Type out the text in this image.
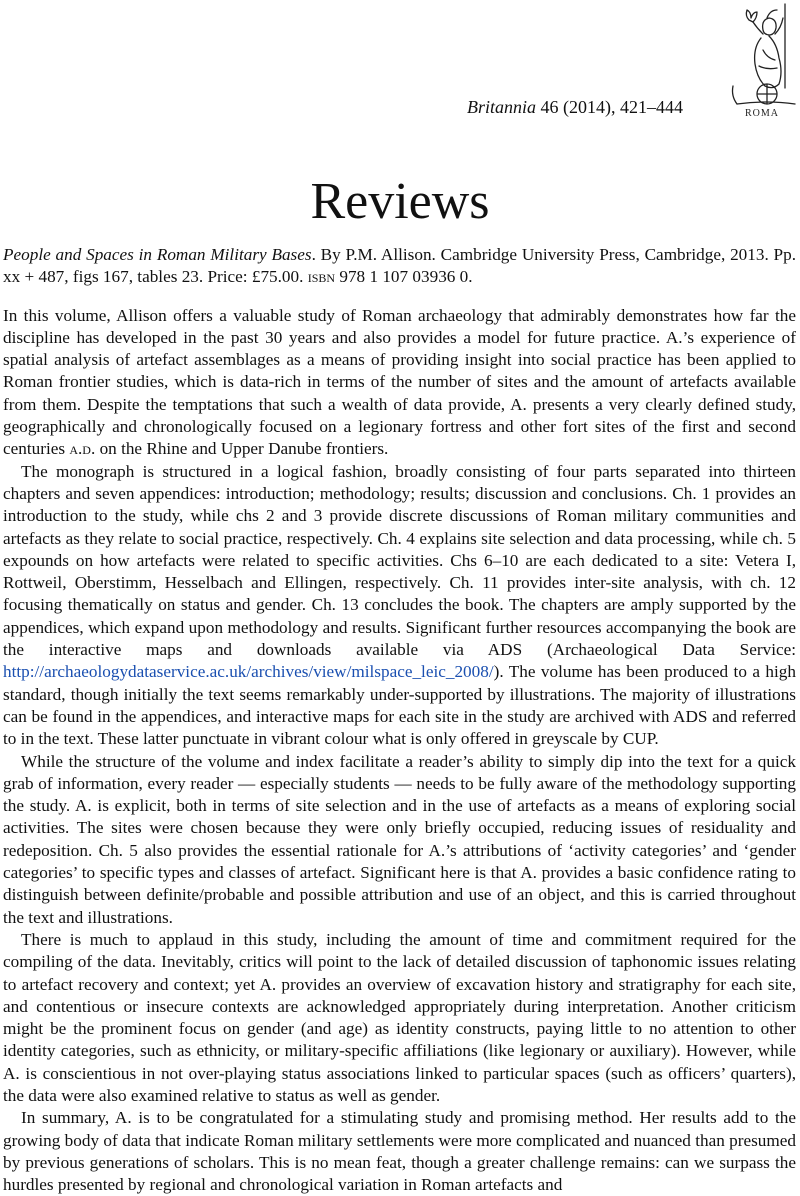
ROMA
Britannia 46 (2014), 421–444
Reviews

People and Spaces in Roman Military Bases. By P.M. Allison. Cambridge University Press, Cambridge, 2013. Pp. xx + 487, figs 167, tables 23. Price: £75.00. isbn 978 1 107 03936 0.

In this volume, Allison offers a valuable study of Roman archaeology that admirably demonstrates how far the discipline has developed in the past 30 years and also provides a model for future practice. A.’s experience of spatial analysis of artefact assemblages as a means of providing insight into social practice has been applied to Roman frontier studies, which is data-rich in terms of the number of sites and the amount of artefacts available from them. Despite the temptations that such a wealth of data provide, A. presents a very clearly defined study, geographically and chronologically focused on a legionary fortress and other fort sites of the first and second centuries a.d. on the Rhine and Upper Danube frontiers.

The monograph is structured in a logical fashion, broadly consisting of four parts separated into thirteen chapters and seven appendices: introduction; methodology; results; discussion and conclusions. Ch. 1 provides an introduction to the study, while chs 2 and 3 provide discrete discussions of Roman military communities and artefacts as they relate to social practice, respectively. Ch. 4 explains site selection and data processing, while ch. 5 expounds on how artefacts were related to specific activities. Chs 6–10 are each dedicated to a site: Vetera I, Rottweil, Oberstimm, Hesselbach and Ellingen, respectively. Ch. 11 provides inter-site analysis, with ch. 12 focusing thematically on status and gender. Ch. 13 concludes the book. The chapters are amply supported by the appendices, which expand upon methodology and results. Significant further resources accompanying the book are the interactive maps and downloads available via ADS (Archaeological Data Service: http://archaeologydataservice.ac.uk/archives/view/milspace_leic_2008/). The volume has been produced to a high standard, though initially the text seems remarkably under-supported by illustrations. The majority of illustrations can be found in the appendices, and interactive maps for each site in the study are archived with ADS and referred to in the text. These latter punctuate in vibrant colour what is only offered in greyscale by CUP.

While the structure of the volume and index facilitate a reader’s ability to simply dip into the text for a quick grab of information, every reader — especially students — needs to be fully aware of the methodology supporting the study. A. is explicit, both in terms of site selection and in the use of artefacts as a means of exploring social activities. The sites were chosen because they were only briefly occupied, reducing issues of residuality and redeposition. Ch. 5 also provides the essential rationale for A.’s attributions of ‘activity categories’ and ‘gender categories’ to specific types and classes of artefact. Significant here is that A. provides a basic confidence rating to distinguish between definite/probable and possible attribution and use of an object, and this is carried throughout the text and illustrations.

There is much to applaud in this study, including the amount of time and commitment required for the compiling of the data. Inevitably, critics will point to the lack of detailed discussion of taphonomic issues relating to artefact recovery and context; yet A. provides an overview of excavation history and stratigraphy for each site, and contentious or insecure contexts are acknowledged appropriately during interpretation. Another criticism might be the prominent focus on gender (and age) as identity constructs, paying little to no attention to other identity categories, such as ethnicity, or military-specific affiliations (like legionary or auxiliary). However, while A. is conscientious in not over-playing status associations linked to particular spaces (such as officers’ quarters), the data were also examined relative to status as well as gender.

In summary, A. is to be congratulated for a stimulating study and promising method. Her results add to the growing body of data that indicate Roman military settlements were more complicated and nuanced than presumed by previous generations of scholars. This is no mean feat, though a greater challenge remains: can we surpass the hurdles presented by regional and chronological variation in Roman artefacts and
